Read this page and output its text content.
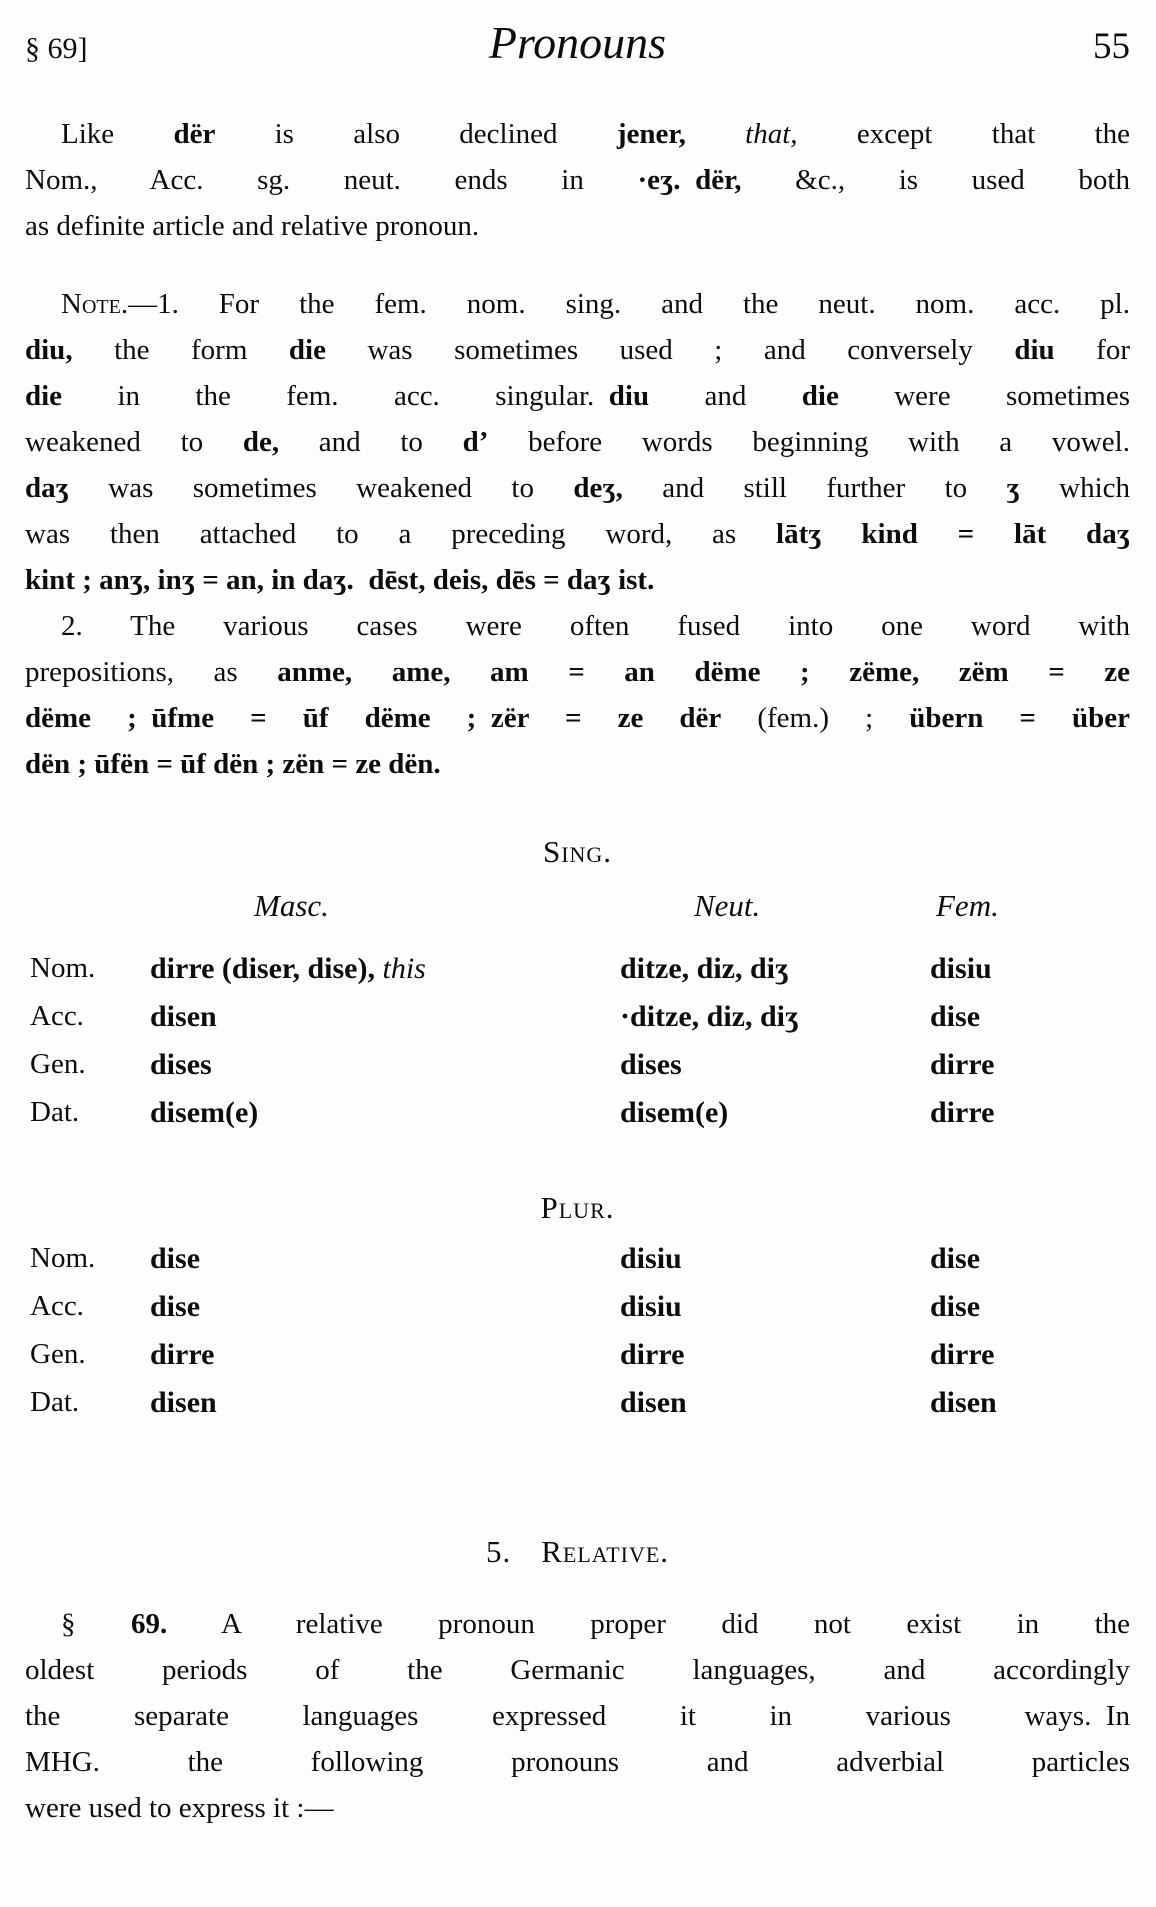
§ 69]	Pronouns	55
Like dër is also declined jener, that, except that the
Nom., Acc. sg. neut. ends in ·eʒ.  dër, &c., is used both
as definite article and relative pronoun.
Note.—1. For the fem. nom. sing. and the neut. nom. acc. pl.
diu, the form die was sometimes used ; and conversely diu for
die in the fem. acc. singular. diu and die were sometimes
weakened to de, and to d’ before words beginning with a vowel.
daʒ was sometimes weakened to deʒ, and still further to ʒ which
was then attached to a preceding word, as lātʒ kind = lāt daʒ
kint ; anʒ, inʒ = an, in daʒ.  dēst, deis, dēs = daʒ ist.
2. The various cases were often fused into one word with
prepositions, as anme, ame, am = an dëme ; zëme, zëm = ze
dëme ; ūfme = ūf dëme ; zër = ze dër (fem.) ; übern = über
dën ; ūfën = ūf dën ; zën = ze dën.
Sing.
Masc.	Neut.	Fem.
Nom.	dirre (diser, dise), this	ditze, diz, diʒ	disiu
Acc.	disen	·ditze, diz, diʒ	dise
Gen.	dises	dises	dirre
Dat.	disem(e)	disem(e)	dirre
Plur.
Nom.	dise	disiu	dise
Acc.	dise	disiu	dise
Gen.	dirre	dirre	dirre
Dat.	disen	disen	disen
5. Relative.
§ 69. A relative pronoun proper did not exist in the
oldest periods of the Germanic languages, and accordingly
the separate languages expressed it in various ways. In
MHG. the following pronouns and adverbial particles
were used to express it :—
